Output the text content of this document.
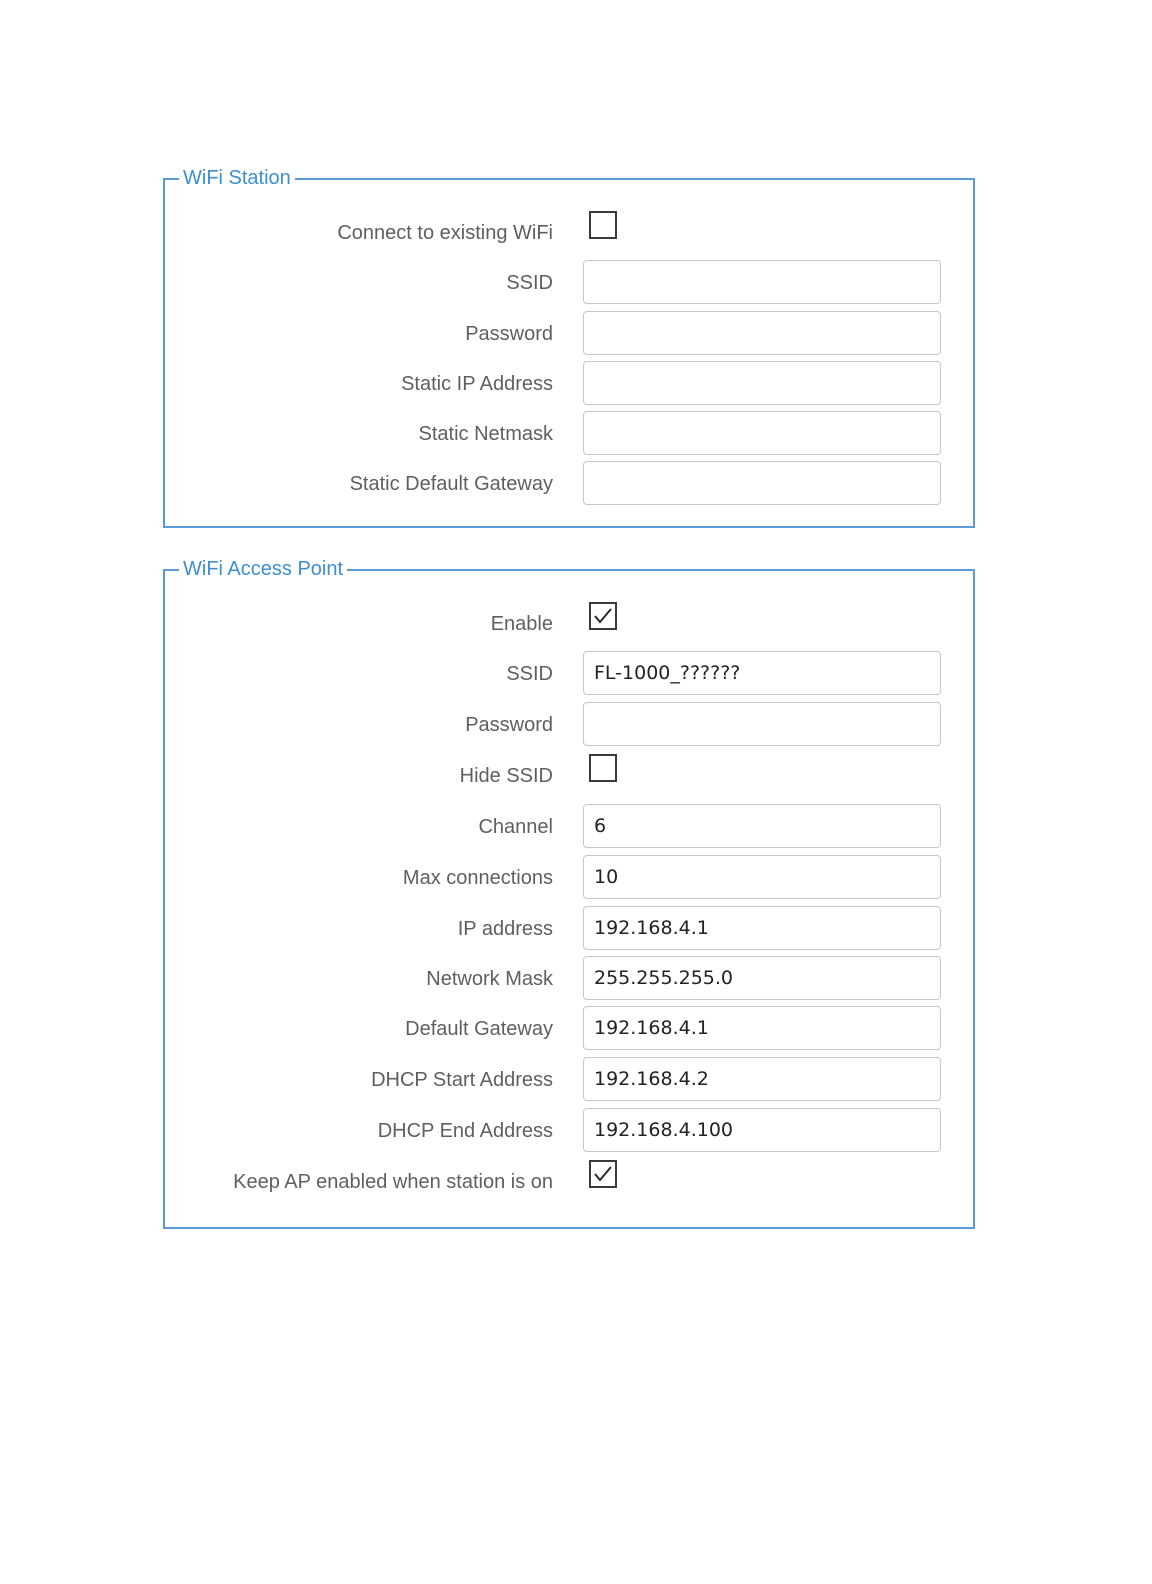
WiFi Station
Connect to existing WiFi
SSID
Password
Static IP Address
Static Netmask
Static Default Gateway
WiFi Access Point
Enable
SSID	FL-1000_??????
Password
Hide SSID
Channel	6
Max connections	10
IP address	192.168.4.1
Network Mask	255.255.255.0
Default Gateway	192.168.4.1
DHCP Start Address	192.168.4.2
DHCP End Address	192.168.4.100
Keep AP enabled when station is on
